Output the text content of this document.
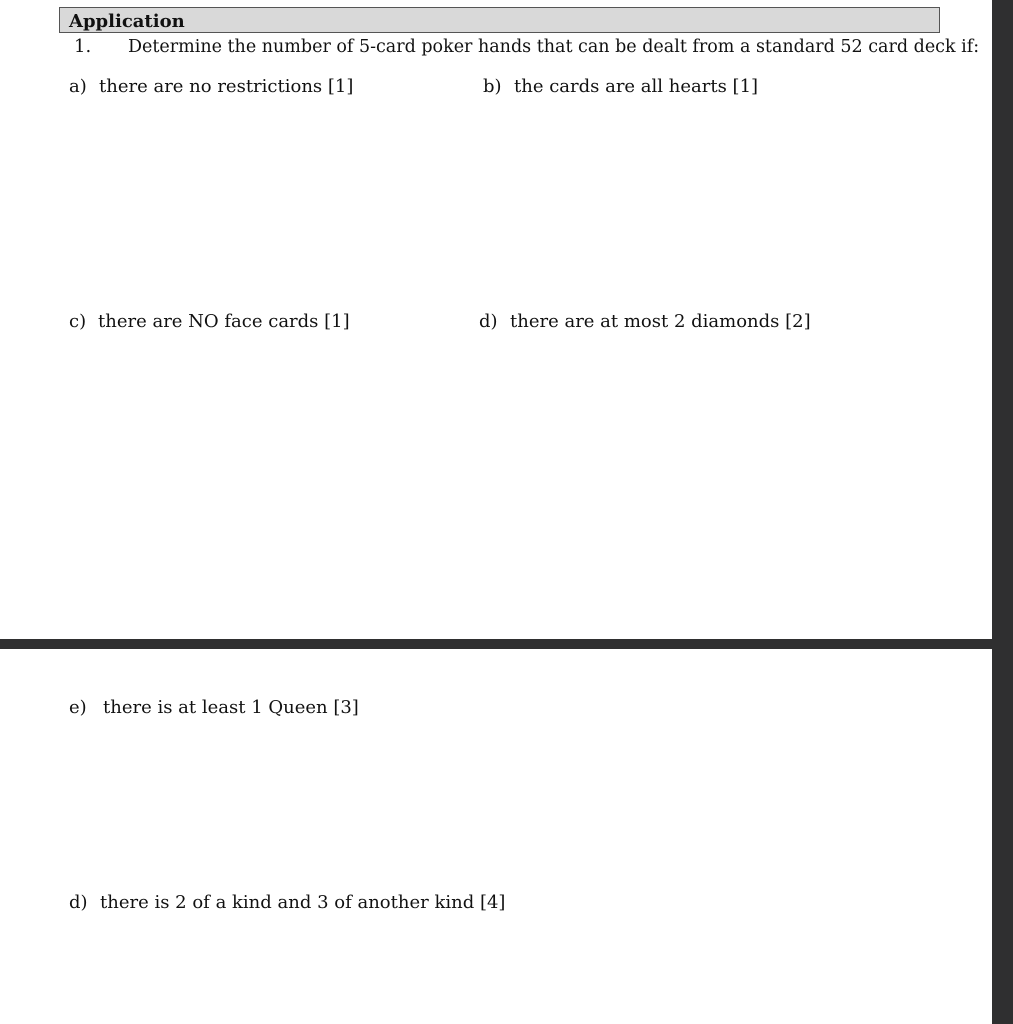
Application
1. Determine the number of 5-card poker hands that can be dealt from a standard 52 card deck if:
a) there are no restrictions [1]	b) the cards are all hearts [1]
c) there are NO face cards [1]	d) there are at most 2 diamonds [2]
e) there is at least 1 Queen [3]
d) there is 2 of a kind and 3 of another kind [4]
